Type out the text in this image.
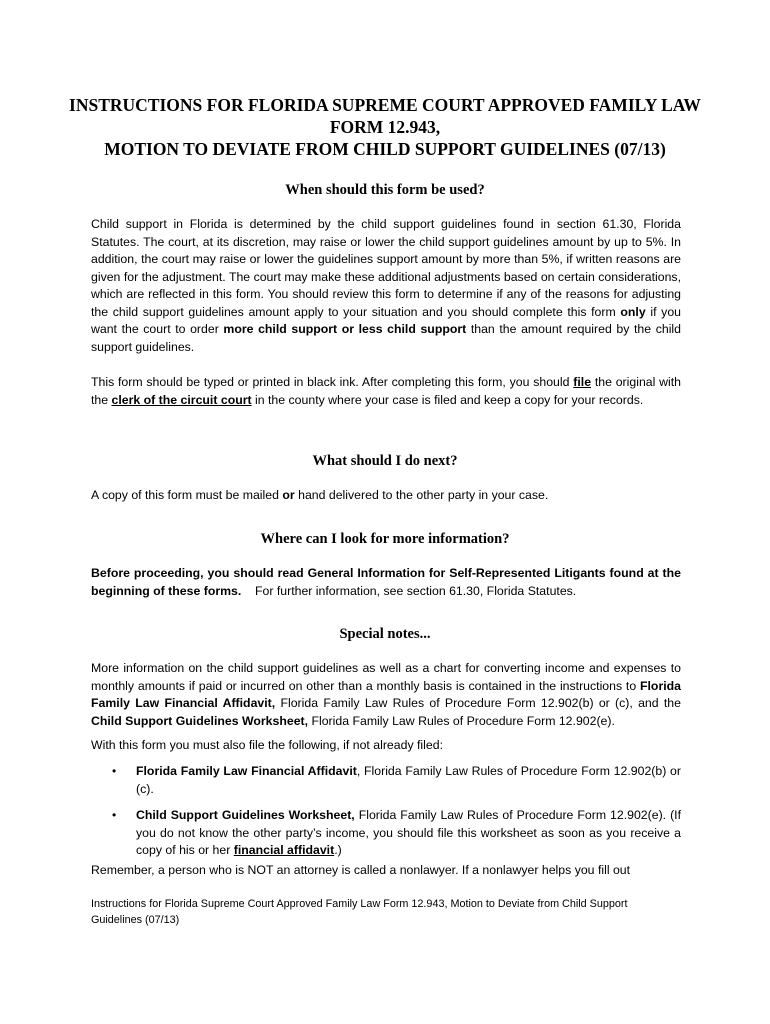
INSTRUCTIONS FOR FLORIDA SUPREME COURT APPROVED FAMILY LAW
FORM 12.943,
MOTION TO DEVIATE FROM CHILD SUPPORT GUIDELINES (07/13)
When should this form be used?

Child support in Florida is determined by the child support guidelines found in section 61.30, Florida Statutes. The court, at its discretion, may raise or lower the child support guidelines amount by up to 5%. In addition, the court may raise or lower the guidelines support amount by more than 5%, if written reasons are given for the adjustment. The court may make these additional adjustments based on certain considerations, which are reflected in this form. You should review this form to determine if any of the reasons for adjusting the child support guidelines amount apply to your situation and you should complete this form only if you want the court to order more child support or less child support than the amount required by the child support guidelines.

This form should be typed or printed in black ink. After completing this form, you should file the original with the clerk of the circuit court in the county where your case is filed and keep a copy for your records.

What should I do next?

A copy of this form must be mailed or hand delivered to the other party in your case.

Where can I look for more information?

Before proceeding, you should read General Information for Self-Represented Litigants found at the beginning of these forms.    For further information, see section 61.30, Florida Statutes.

Special notes...

More information on the child support guidelines as well as a chart for converting income and expenses to monthly amounts if paid or incurred on other than a monthly basis is contained in the instructions to Florida Family Law Financial Affidavit, Florida Family Law Rules of Procedure Form 12.902(b) or (c), and the Child Support Guidelines Worksheet, Florida Family Law Rules of Procedure Form 12.902(e).

With this form you must also file the following, if not already filed:

• Florida Family Law Financial Affidavit, Florida Family Law Rules of Procedure Form 12.902(b) or (c).
• Child Support Guidelines Worksheet, Florida Family Law Rules of Procedure Form 12.902(e). (If you do not know the other party’s income, you should file this worksheet as soon as you receive a copy of his or her financial affidavit.)

Remember, a person who is NOT an attorney is called a nonlawyer. If a nonlawyer helps you fill out

Instructions for Florida Supreme Court Approved Family Law Form 12.943, Motion to Deviate from Child Support Guidelines (07/13)
